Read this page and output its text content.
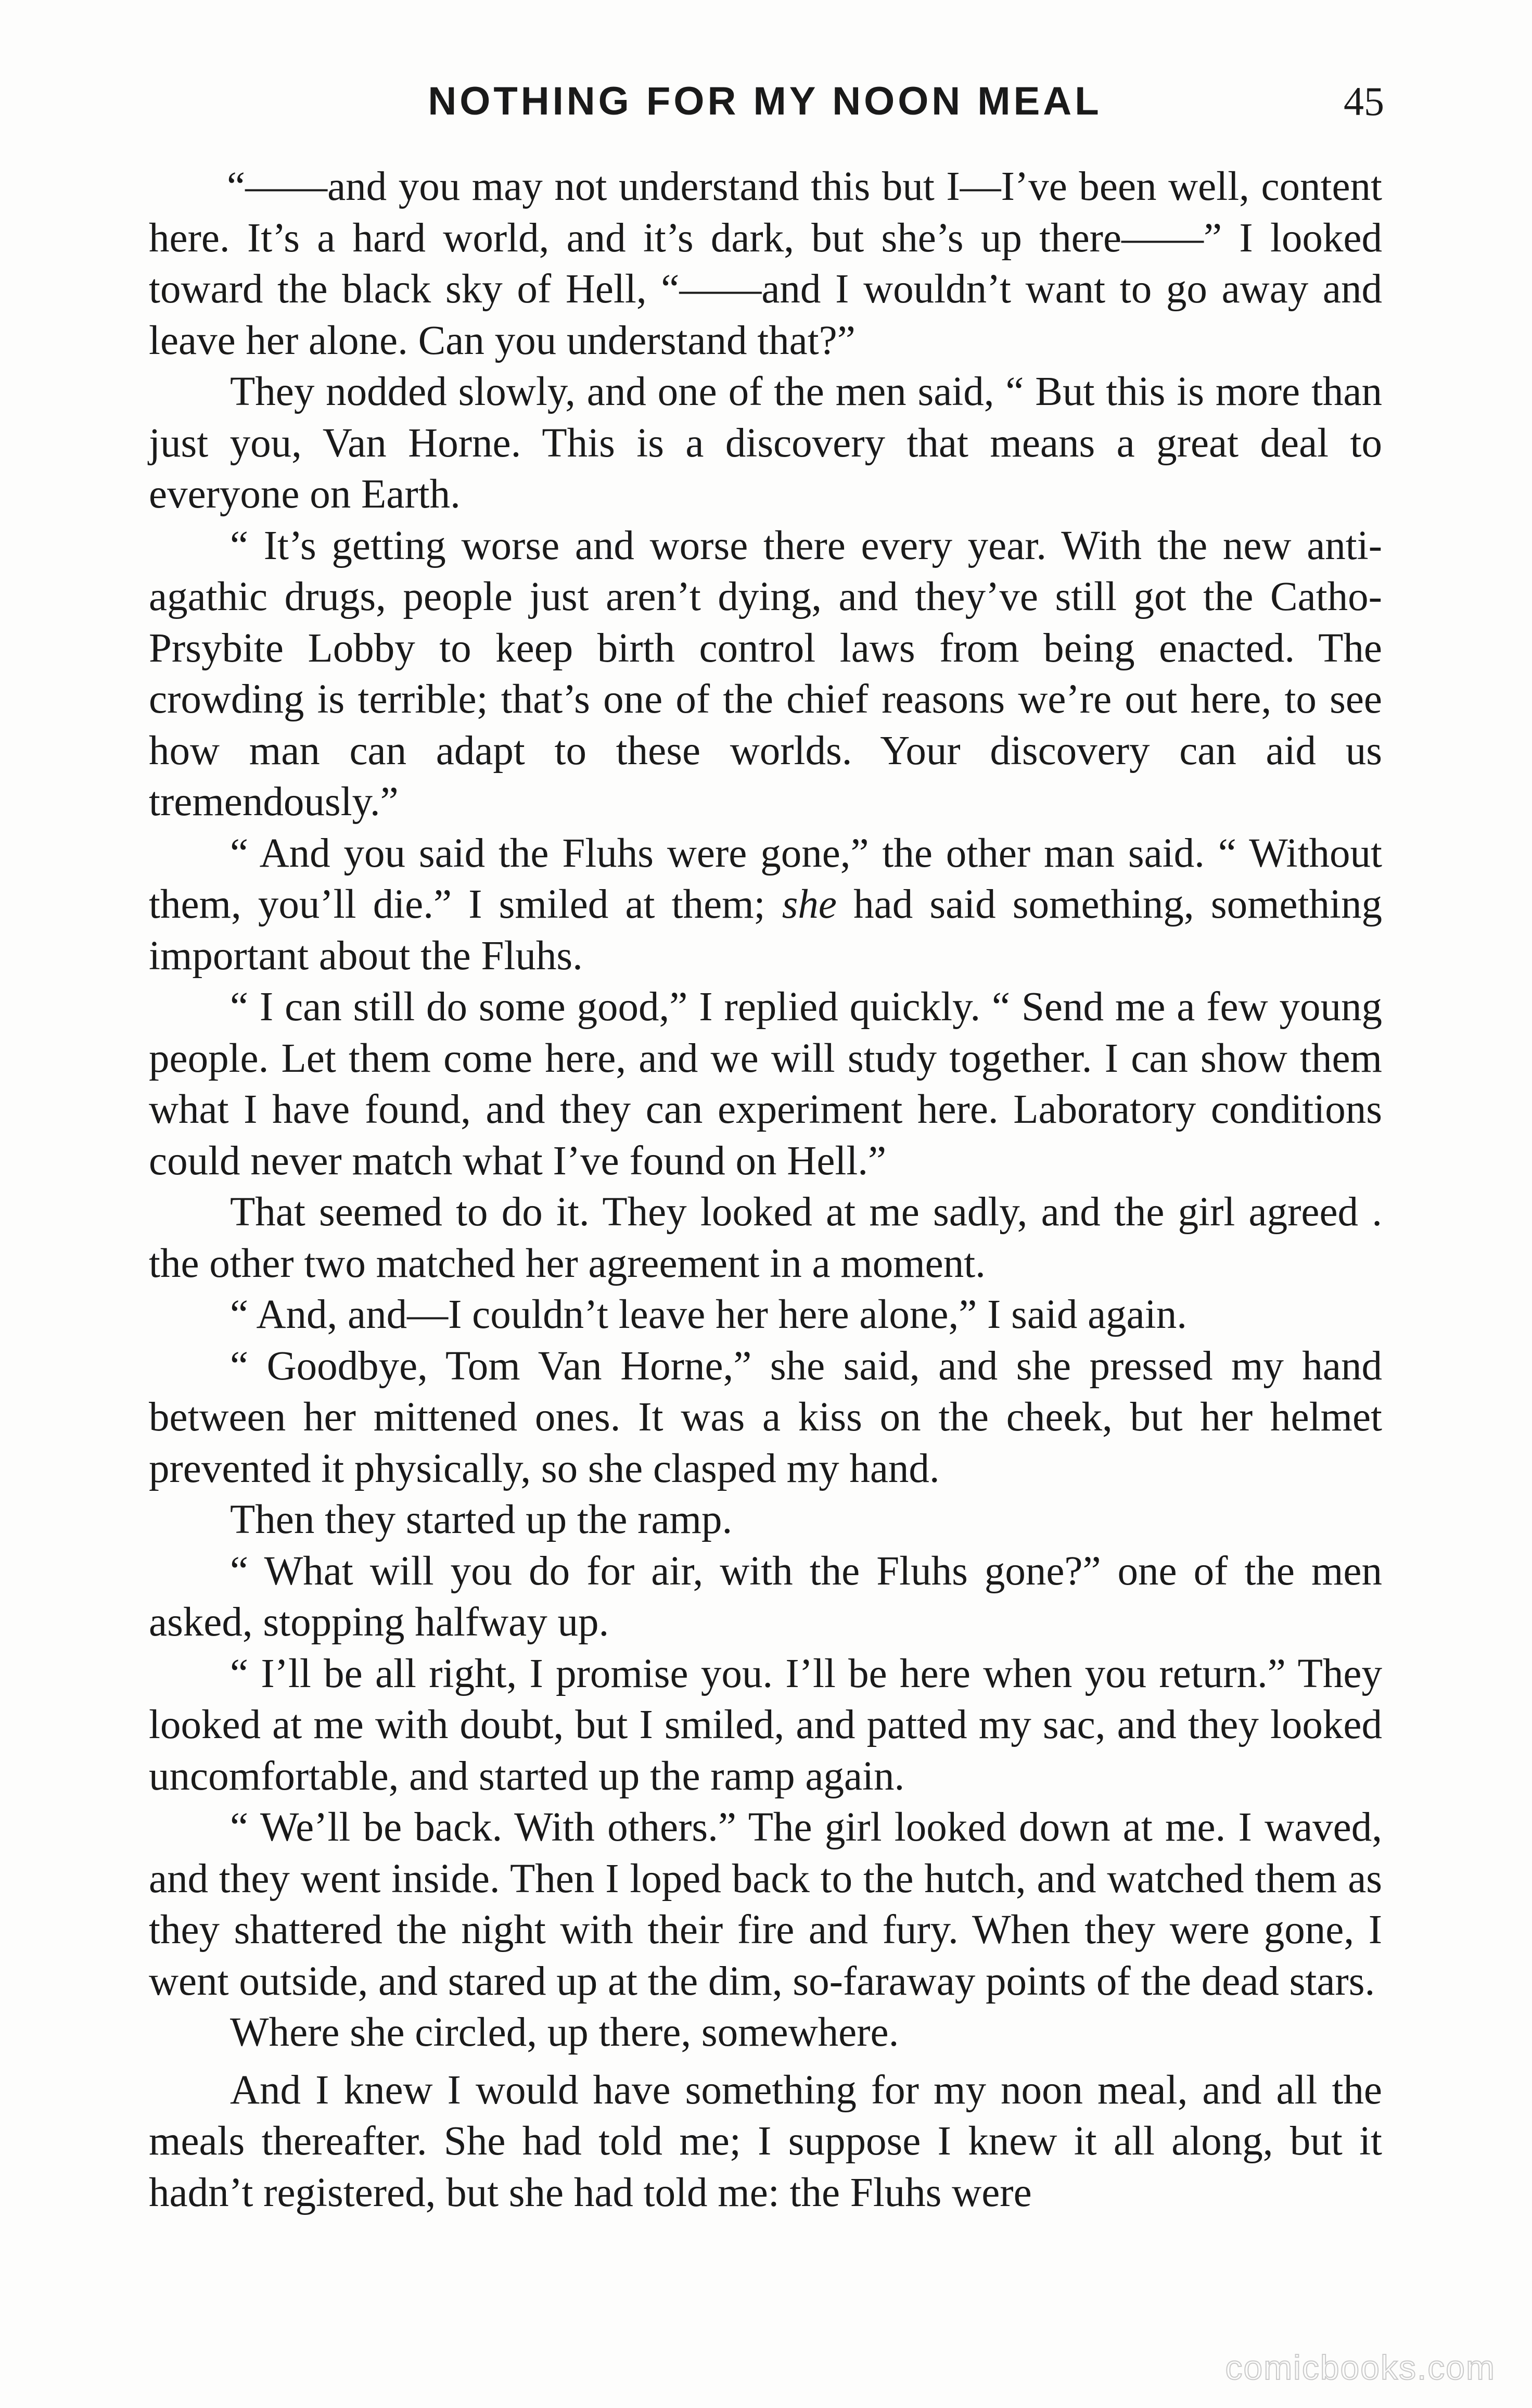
NOTHING FOR MY NOON MEAL	45

“——and you may not understand this but I—I’ve been well, content here. It’s a hard world, and it’s dark, but she’s up there——” I looked toward the black sky of Hell, “——and I wouldn’t want to go away and leave her alone. Can you understand that?”

They nodded slowly, and one of the men said, “ But this is more than just you, Van Horne. This is a discovery that means a great deal to everyone on Earth.

“ It’s getting worse and worse there every year. With the new anti-agathic drugs, people just aren’t dying, and they’ve still got the Catho-Prsybite Lobby to keep birth control laws from being enacted. The crowding is terrible; that’s one of the chief reasons we’re out here, to see how man can adapt to these worlds. Your discovery can aid us tremendously.”

“ And you said the Fluhs were gone,” the other man said. “ Without them, you’ll die.” I smiled at them; she had said something, something important about the Fluhs.

“ I can still do some good,” I replied quickly. “ Send me a few young people. Let them come here, and we will study together. I can show them what I have found, and they can experiment here. Laboratory conditions could never match what I’ve found on Hell.”

That seemed to do it. They looked at me sadly, and the girl agreed . the other two matched her agreement in a moment.

“ And, and—I couldn’t leave her here alone,” I said again.

“ Goodbye, Tom Van Horne,” she said, and she pressed my hand between her mittened ones. It was a kiss on the cheek, but her helmet prevented it physically, so she clasped my hand.

Then they started up the ramp.

“ What will you do for air, with the Fluhs gone?” one of the men asked, stopping halfway up.

“ I’ll be all right, I promise you. I’ll be here when you return.” They looked at me with doubt, but I smiled, and patted my sac, and they looked uncomfortable, and started up the ramp again.

“ We’ll be back. With others.” The girl looked down at me. I waved, and they went inside. Then I loped back to the hutch, and watched them as they shattered the night with their fire and fury. When they were gone, I went outside, and stared up at the dim, so-faraway points of the dead stars.

Where she circled, up there, somewhere.

And I knew I would have something for my noon meal, and all the meals thereafter. She had told me; I suppose I knew it all along, but it hadn’t registered, but she had told me: the Fluhs were

comicbooks.com
